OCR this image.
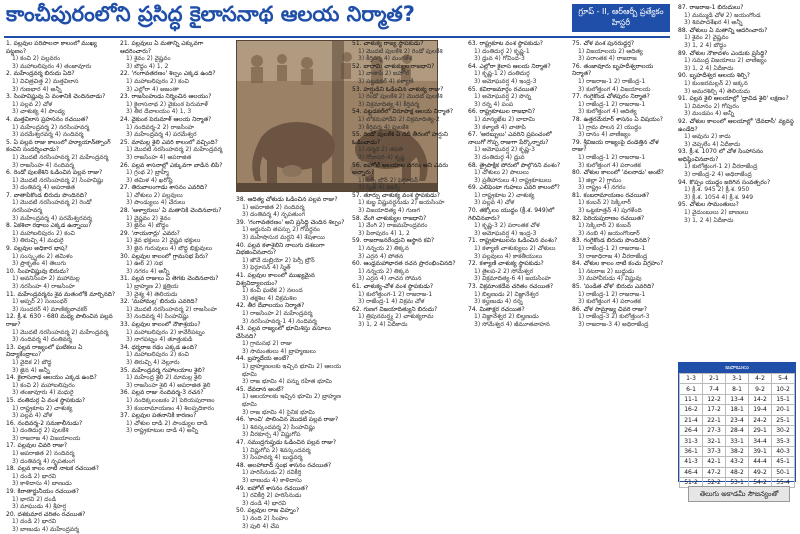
కాంచీపురంలోని ప్రసిద్ధ కైలాసనాథ ఆలయ నిర్మాత?	గ్రూప్ - II, ఆర్ఆర్బీ ప్రత్యేకం
హిస్టరీ

1. పల్లవుల పరిపాలనా కాలంలో ముఖ్య పట్టణం?

1) కంచి 2) పల్లవరం

3) మహాబలిపురం 4) తంజావూరు

2. మహేంద్రవర్మ బిరుదు ఏది?

1) విచిత్రచిత్త 2) మత్తవిలాస

3) గుణభార 4) అన్నీ

3. సింహవిష్ణువు ఏ వంశానికి చెందినవాడు?

1) పల్లవ 2) చోళ

3) చాళుక్య 4) పాండ్య

4. మత్తవిలాస ప్రహసనం రచయిత?

1) మహేంద్రవర్మ 2) నరసింహవర్మ

3) పరమేశ్వరవర్మ 4) నందివర్మ

5. ఏ పల్లవ రాజు కాలంలో హ్యూయాన్‌త్సాంగ్ కంచిని సందర్శించాడు?

1) మొదటి నరసింహవర్మ 2) మహేంద్రవర్మ

3) రాజసింహ 4) నందివర్మ

6. రెండో పులకేశిని ఓడించిన పల్లవ రాజు?

1) మొదటి నరసింహవర్మ 2) సింహవిష్ణు

3) దంతివర్మ 4) అపరాజిత

7. వాతాపికొండ బిరుదు పొందినది?

1) మొదటి నరసింహవర్మ 2) రెండో నరసింహవర్మ

3) మహేంద్రవర్మ 4) పరమేశ్వరవర్మ

8. ఏకశిలా రథాలు ఎక్కడ ఉన్నాయి?

1) మహాబలిపురం 2) కంచి

3) తిరుచ్చి 4) మధురై

9. పల్లవుల అధికార భాష?

1) సంస్కృతం 2) తమిళం

3) ప్రాకృతం 4) తెలుగు

10. సింహవిష్ణువు బిరుదు?

1) అవనిసింహ 2) మహామల్ల

3) నరసింహ 4) రాజసింహ

11. మహేంద్రవర్మను శైవ మతంలోకి మార్చినది?

1) అప్పర్ 2) సంబంధర్

3) సుందరర్ 4) మాణిక్యవాచకర్

12. క్రీ.శ. 630 - 680 మధ్య పాలించిన పల్లవ రాజు?

1) మొదటి నరసింహవర్మ 2) మహేంద్రవర్మ

3) నందివర్మ 4) దంతివర్మ

13. పల్లవ రాజ్యంలో ఘటికలు ఏ విద్యాకేంద్రాలు?

1) వైదిక 2) బౌద్ధ

3) జైన 4) అన్నీ

14. కైలాసనాథ ఆలయం ఎక్కడ ఉంది?

1) కంచి 2) మహాబలిపురం

3) తంజావూరు 4) మధురై

15. దంతిదుర్గ ఏ వంశ స్థాపకుడు?

1) రాష్ట్రకూట 2) చాళుక్య

3) పల్లవ 4) చోళ

16. నందివర్మ-2 సమకాలీనుడు?

1) దంతిదుర్గ 2) పులకేశి

3) రాజరాజ 4) విజయాలయ

17. పల్లవుల చివరి రాజు?

1) అపరాజిత 2) నందివర్మ

3) దంతివర్మ 4) నృపతుంగ

18. పల్లవ కాలం నాటి నాటక రచయిత?

1) దండి 2) భారవి

3) కాళిదాసు 4) బాణుడు

19. కిరాతార్జునీయం రచయిత?

1) భారవి 2) దండి

3) మాఘుడు 4) శ్రీహర్ష

20. దశకుమార చరితం రచయిత?

1) దండి 2) భారవి

3) బాణుడు 4) మహేంద్రవర్మ

21. పల్లవులు ఏ మతాన్ని ఎక్కువగా ఆదరించారు?

1) శైవం 2) వైష్ణవం

3) బౌద్ధం 4) 1, 2

22. 'గంగావతరణం' శిల్పం ఎక్కడ ఉంది?

1) మహాబలిపురం 2) కంచి

3) ఎల్లోరా 4) అజంతా

23. రాజసింహుడు నిర్మించిన ఆలయం?

1) కైలాసనాథ 2) వైకుంఠ పెరుమాళ్

3) తీర దేవాలయం 4) 1, 3

24. వైకుంఠ పెరుమాళ్ ఆలయ నిర్మాత?

1) నందివర్మ-2 2) రాజసింహ

3) మహేంద్రవర్మ 4) పరమేశ్వర

25. మామల్ల శైలి ఎవరి కాలంలో వచ్చింది?

1) మొదటి నరసింహవర్మ 2) మహేంద్రవర్మ

3) రాజసింహ 4) అపరాజిత

26. పల్లవ శాసనాల్లో ఎక్కువగా వాడిన లిపి?

1) గ్రంథ 2) బ్రాహ్మి

3) తమిళ 4) ఖరోష్ఠి

27. తిరువాలంగాడు శాసనం ఎవరిది?

1) చోళులు 2) పల్లవులు

3) పాండ్యులు 4) చేరులు

28. 'ఆళ్వారులు' ఏ మతానికి చెందినవారు?

1) వైష్ణవం 2) శైవం

3) జైనం 4) బౌద్ధం

29. 'నాయనార్లు' ఎవరు?

1) శైవ భక్తులు 2) వైష్ణవ భక్తులు

3) జైన గురువులు 4) బౌద్ధ భిక్షువులు

30. పల్లవుల కాలంలో గ్రామసభ పేరు?

1) ఊర్ 2) సభ

3) నగరం 4) అన్నీ

31. పల్లవ రాజులు ఏ తెగకు చెందినవారు?

1) బ్రాహ్మణ 2) క్షత్రియ

3) వైశ్య 4) తెలియదు

32. 'మహామల్ల' బిరుదు ఎవరిది?

1) మొదటి నరసింహవర్మ 2) రాజసింహ

3) నందివర్మ 4) సింహవిష్ణు

33. పల్లవుల కాలంలో నౌకాశ్రయం?

1) మహాబలిపురం 2) కావేరీపట్నం

3) నాగపట్నం 4) తూత్తుకుడి

34. ధర్మరాజ రథం ఎక్కడ ఉంది?

1) మహాబలిపురం 2) కంచి

3) తిరుచ్చి 4) వెల్లూరు

35. మహేంద్రవర్మ గుహాలయాల శైలి?

1) మహేంద్ర శైలి 2) మామల్ల శైలి

3) రాజసింహ శైలి 4) అపరాజిత శైలి

36. పల్లవ రాజు నందివర్మ-3 రచన?

1) నందిక్కలంబకం 2) పెరియపురాణం

3) కంబరామాయణం 4) శిలప్పదికారం

37. పల్లవుల పతనానికి కారణం?

1) చోళుల దాడి 2) పాండ్యుల దాడి

3) రాష్ట్రకూటుల దాడి 4) అన్నీ

38. ఆదిత్య చోళుడు ఓడించిన పల్లవ రాజు?

1) అపరాజిత 2) నందివర్మ

3) దంతివర్మ 4) నృపతుంగ

39. 'గంగావతరణం' అని ప్రసిద్ధి చెందిన శిల్పం?

1) అర్జునుని తపస్సు 2) గోవర్ధనం

3) మహిషాసుర మర్దని 4) శేషశాయి

40. పల్లవ కళాశైలిని నాలుగు దశలుగా విభజించినవారు?

1) జౌవే దుబ్రియో 2) పెర్సీ బ్రౌన్

3) ఫెర్గూసన్ 4) స్మిత్

41. పల్లవుల కాలంలో ముఖ్యమైన విశ్వవిద్యాలయం?

1) కంచి ఘటిక 2) నలంద

3) తక్షశిల 4) విక్రమశిల

42. తీర దేవాలయం నిర్మాత?

1) రాజసింహ 2) మహేంద్రవర్మ

3) నరసింహవర్మ-1 4) నందివర్మ

43. పల్లవ రాజ్యంలో భూమిశిస్తు వసూలు చేసినది?

1) గ్రామసభ 2) రాజు

3) సామంతులు 4) బ్రాహ్మణులు

44. బ్రహ్మదేయ అంటే?

1) బ్రాహ్మణులకు ఇచ్చిన భూమి 2) ఆలయ భూమి

3) రాజ భూమి 4) పన్ను రహిత భూమి

45. దేవదాన అంటే?

1) ఆలయాలకు ఇచ్చిన భూమి 2) బ్రాహ్మణ భూమి

3) రాజ భూమి 4) సైనిక భూమి

46. 'కాంచి' పాలించిన మొదటి పల్లవ రాజు?

1) శివస్కందవర్మ 2) సింహవిష్ణు

3) వీరకూర్చ 4) విష్ణుగోప

47. సముద్రగుప్తుడు ఓడించిన పల్లవ రాజు?

1) విష్ణుగోప 2) శివస్కందవర్మ

3) సింహవర్మ 4) బుద్ధవర్మ

48. అలహాబాద్ స్తంభ శాసనం రచయిత?

1) హరిసేనుడు 2) రవికీర్తి

3) బాణుడు 4) కాళిదాసు

49. ఐహోల్ శాసనం రచయిత?

1) రవికీర్తి 2) హరిసేనుడు

3) దండి 4) భారవి

50. పల్లవుల రాజ చిహ్నం?

1) నంది 2) సింహం

3) పులి 4) చేప

51. చాళుక్య రాజ్య స్థాపకుడు?

1) మొదటి పులకేశి 2) రెండో పులకేశి

3) కీర్తివర్మ 4) మంగళేశ

52. బాదామి చాళుక్యుల రాజధాని?

1) వాతాపి 2) ఐహోల్

3) పట్టడకల్ 4) కళ్యాణి

53. హర్షుడిని ఓడించిన చాళుక్య రాజు?

1) రెండో పులకేశి 2) మొదటి పులకేశి

3) విక్రమాదిత్య 4) కీర్తివర్మ

54. పట్టడకల్‌లో విరూపాక్ష ఆలయ నిర్మాత?

1) లోకమహాదేవి 2) విక్రమాదిత్య-2

3) కీర్తివర్మ 4) పులకేశి

55. రెండో పులకేశి ఏ నదీ తీరంలో హర్షుని ఓడించాడు?

1) నర్మద 2) తపతి

3) గోదావరి 4) కృష్ణ

56. ఐహోల్ ఆలయాల నగరం అని ఎవరు అన్నారు?

1) పెర్సీ బ్రౌన్ 2) ఫెర్గూసన్

3) స్మిత్ 4) కజిన్స్

57. తూర్పు చాళుక్య వంశ స్థాపకుడు?

1) కుబ్జ విష్ణువర్ధనుడు 2) జయసింహ

3) విజయాదిత్య 4) గుణగ

58. వేంగి చాళుక్యుల రాజధాని?

1) వేంగి 2) రాజమహేంద్రవరం

3) పిఠాపురం 4) 1, 2

59. రాజరాజనరేంద్రుని ఆస్థాన కవి?

1) నన్నయ 2) తిక్కన

3) ఎర్రన 4) పోతన

60. ఆంధ్రమహాభారత రచన ప్రారంభించినది?

1) నన్నయ 2) తిక్కన

3) ఎర్రన 4) నాచన సోమన

61. చాళుక్య-చోళ వంశ స్థాపకుడు?

1) కులోత్తుంగ-1 2) రాజరాజ-1

3) రాజేంద్ర-1 4) విక్రమ చోళ

62. గుణగ విజయాదిత్యుని బిరుదు?

1) త్రిపురమర్త్య 2) చాళుక్యరామ

3) 1, 2 4) ఏదీకాదు

63. రాష్ట్రకూట వంశ స్థాపకుడు?

1) దంతిదుర్గ 2) కృష్ణ-1

3) ధ్రువ 4) గోవింద-3

64. ఎల్లోరా కైలాస ఆలయ నిర్మాత?

1) కృష్ణ-1 2) దంతిదుర్గ

3) అమోఘవర్ష 4) ఇంద్ర-3

65. కవిరాజమార్గం రచయిత?

1) అమోఘవర్ష 2) పొన్న

3) రన్న 4) పంప

66. రాష్ట్రకూటుల రాజధాని?

1) మాన్యఖేట 2) బాదామి

3) కళ్యాణి 4) వాతాపి

67. 'అరబ్బులు' ఎవరిని ప్రపంచంలో నాలుగో గొప్ప రాజుగా పేర్కొన్నారు?

1) అమోఘవర్ష 2) కృష్ణ-3

3) దంతిదుర్గ 4) ధ్రువ

68. త్రైపాక్షిక పోరులో పాల్గొనని వంశం?

1) చోళులు 2) పాలులు

3) ప్రతీహారులు 4) రాష్ట్రకూటులు

69. ఎలిఫెంటా గుహలు ఎవరి కాలంలో?

1) రాష్ట్రకూట 2) చాళుక్య

3) పల్లవ 4) చోళ

70. తక్కోలం యుద్ధం (క్రీ.శ. 949)లో గెలిచినవారు?

1) కృష్ణ-3 2) పరాంతక చోళ

3) అమోఘవర్ష 4) ఇంద్ర-3

71. రాష్ట్రకూటులను ఓడించిన వంశం?

1) కళ్యాణి చాళుక్యులు 2) చోళులు

3) పల్లవులు 4) కాకతీయులు

72. కళ్యాణి చాళుక్య స్థాపకుడు?

1) తైలప-2 2) సోమేశ్వర

3) విక్రమాదిత్య-6 4) జయసింహ

73. విక్రమాంకదేవ చరితం రచయిత?

1) బిల్హణుడు 2) విజ్ఞానేశ్వర

3) కల్హణుడు 4) రన్న

74. మితాక్షర రచయిత?

1) విజ్ఞానేశ్వర 2) బిల్హణుడు

3) సోమేశ్వర 4) జీమూతవాహన

75. చోళ వంశ పునరుద్ధర్త?

1) విజయాలయ 2) ఆదిత్య

3) పరాంతక 4) రాజరాజ

76. తంజావూరు బృహదీశ్వరాలయ నిర్మాత?

1) రాజరాజ-1 2) రాజేంద్ర-1

3) కులోత్తుంగ 4) విజయాలయ

77. గంగైకొండ చోళపురం నిర్మాత?

1) రాజేంద్ర-1 2) రాజరాజ-1

3) కులోత్తుంగ 4) ఆదిత్య

78. ఉత్తరమేరూర్ శాసనం ఏ విషయం?

1) గ్రామ పాలన 2) యుద్ధం

3) దానం 4) వాణిజ్యం

79. శ్రీవిజయ రాజ్యంపై దండెత్తిన చోళ రాజు?

1) రాజేంద్ర-1 2) రాజరాజ-1

3) కులోత్తుంగ 4) పరాంతక

80. చోళుల కాలంలో 'వలనాడు' అంటే?

1) జిల్లా 2) గ్రామం

3) రాష్ట్రం 4) నగరం

81. కంబరామాయణం రచయిత?

1) కంబన్ 2) సెక్కిలార్

3) ఒట్టకూత్తన్ 4) పుగళేంది

82. పెరియపురాణం రచయిత?

1) సెక్కిలార్ 2) కంబన్

3) నంబి 4) జయంగొండార్

83. గంగైకొండ బిరుదు పొందినది?

1) రాజేంద్ర-1 2) రాజరాజ-1

3) రాజాధిరాజ 4) వీరరాజేంద్ర

84. చోళుల కాలం నాటి కంచు విగ్రహం?

1) నటరాజ 2) బుద్ధుడు

3) మహావీరుడు 4) విష్ణువు

85. 'పండిత చోళ' బిరుదు ఎవరిది?

1) రాజేంద్ర-1 2) రాజరాజ-1

3) కులోత్తుంగ 4) పరాంతక

86. చోళ సామ్రాజ్య చివరి రాజు?

1) రాజేంద్ర-3 2) కులోత్తుంగ-3

3) రాజరాజ-3 4) అధిరాజేంద్ర

87. రాజరాజ-1 బిరుదులు?

1) మమ్ముడి చోళ 2) జయంగొండ

3) శివపాదశేఖర 4) అన్నీ

88. చోళులు ఏ మతాన్ని ఆదరించారు?

1) శైవం 2) వైష్ణవం

3) 1, 2 4) బౌద్ధం

89. చోళుల నౌకాదళం ఎందుకు ప్రసిద్ధి?

1) సముద్ర విజయాలు 2) వాణిజ్యం

3) 1, 2 4) ఏదీకాదు

90. బృహదీశ్వర ఆలయ శిల్పి?

1) కుంజరమల్లన్ 2) జక్కన

3) అమరశిల్పి 4) తెలియదు

91. పల్లవ శైలి ఆలయాల్లో 'ద్రావిడ శైలి' లక్షణం?

1) విమానం 2) గోపురం

3) మండపం 4) అన్నీ

92. చోళుల కాలంలో ఆలయాల్లో 'దేవదాసీ' వ్యవస్థ ఉండేది?

1) అవును 2) కాదు

3) చెప్పలేం 4) ఏదీకాదు

93. క్రీ.శ. 1070 లో చోళ సింహాసనం అధిష్ఠించినవారు?

1) కులోత్తుంగ-1 2) వీరరాజేంద్ర

3) రాజేంద్ర-2 4) అధిరాజేంద్ర

94. కొప్పం యుద్ధం జరిగిన సంవత్సరం?

1) క్రీ.శ. 945 2) క్రీ.శ. 950

3) క్రీ.శ. 1054 4) క్రీ.శ. 949

95. చోళుల సామంతులు?

1) వైదుంబులు 2) బాణులు

3) 1, 2 4) ఏదీకాదు

జవాబులు
1-3	2-1	3-1	4-2	5-4
6-1	7-4	8-1	9-2	10-2
11-1	12-2	13-4	14-2	15-1
16-2	17-2	18-1	19-4	20-1
21-4	22-1	23-4	24-2	25-1
26-4	27-3	28-4	29-1	30-2
31-3	32-1	33-1	34-4	35-3
36-1	37-3	38-2	39-1	40-3
41-3	42-1	43-2	44-4	45-1
46-4	47-2	48-2	49-2	50-1
51-2	52-2	53-1	54-2	55-4
తెలుగు అకాడమీ సౌజన్యంతో
